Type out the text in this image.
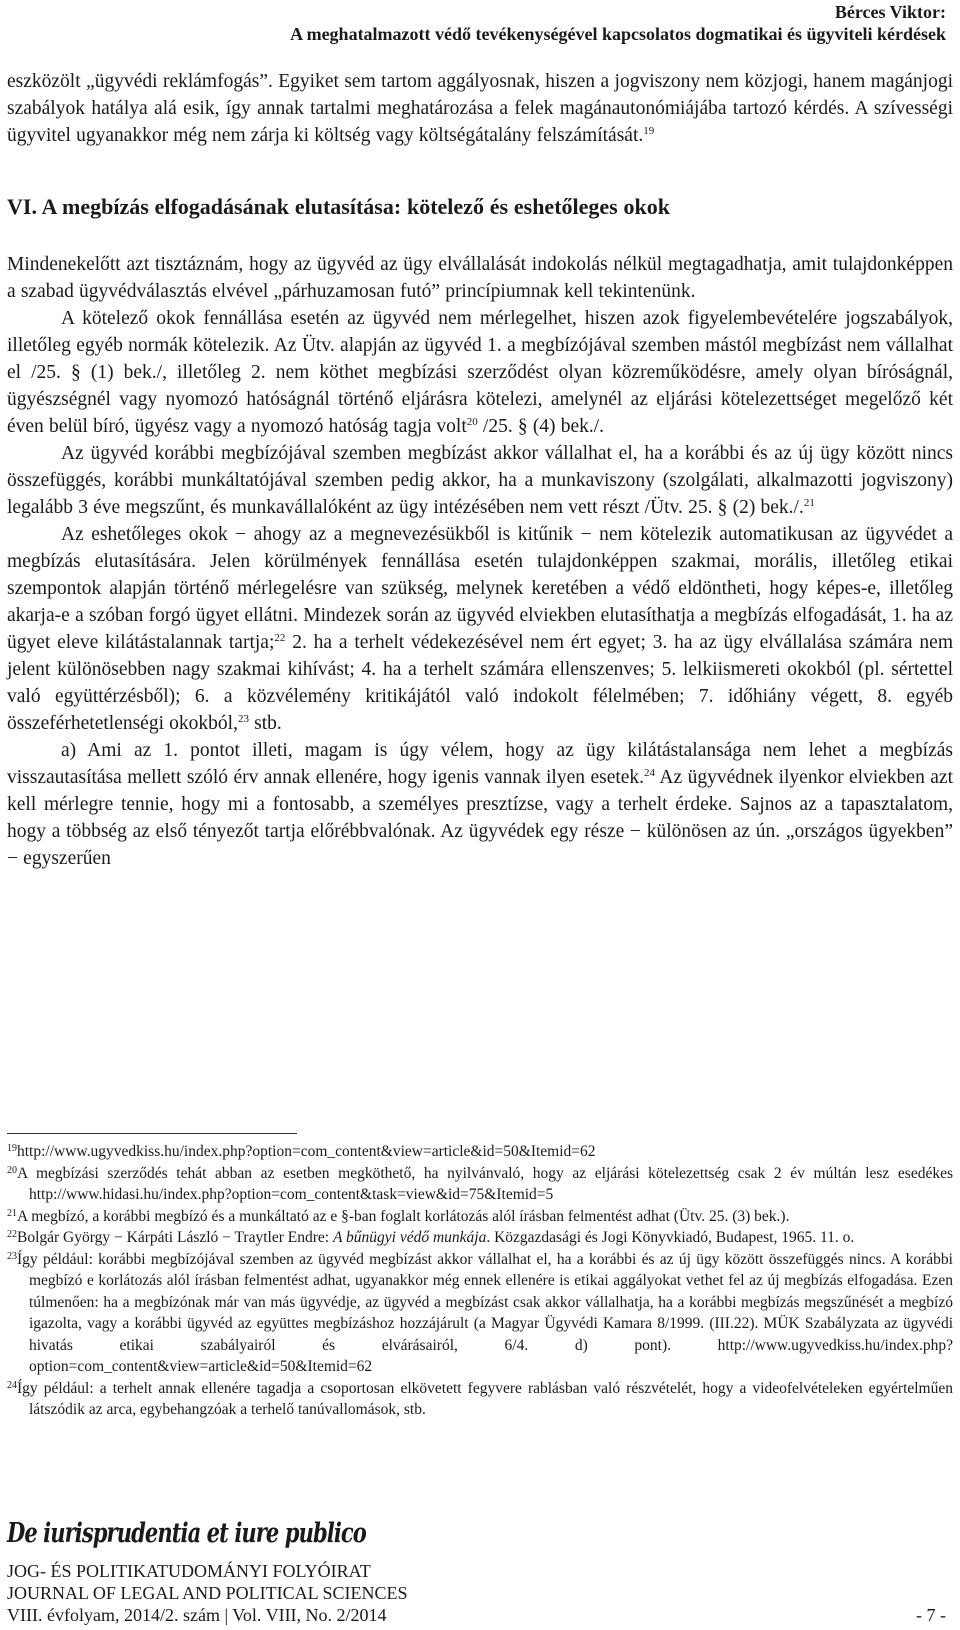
Bérces Viktor:
A meghatalmazott védő tevékenységével kapcsolatos dogmatikai és ügyviteli kérdések

eszközölt „ügyvédi reklámfogás”. Egyiket sem tartom aggályosnak, hiszen a jogviszony nem közjogi, hanem magánjogi szabályok hatálya alá esik, így annak tartalmi meghatározása a felek magánautonómiájába tartozó kérdés. A szívességi ügyvitel ugyanakkor még nem zárja ki költség vagy költségátalány felszámítását.$^{19}$

VI. A megbízás elfogadásának elutasítása: kötelező és eshetőleges okok

Mindenekelőtt azt tisztáznám, hogy az ügyvéd az ügy elvállalását indokolás nélkül megtagadhatja, amit tulajdonképpen a szabad ügyvédválasztás elvével „párhuzamosan futó” princípiumnak kell tekintenünk.

A kötelező okok fennállása esetén az ügyvéd nem mérlegelhet, hiszen azok figyelembevételére jogszabályok, illetőleg egyéb normák kötelezik. Az Ütv. alapján az ügyvéd 1. a megbízójával szemben mástól megbízást nem vállalhat el /25. § (1) bek./, illetőleg 2. nem köthet megbízási szerződést olyan közreműködésre, amely olyan bíróságnál, ügyészségnél vagy nyomozó hatóságnál történő eljárásra kötelezi, amelynél az eljárási kötelezettséget megelőző két éven belül bíró, ügyész vagy a nyomozó hatóság tagja volt$^{20}$ /25. § (4) bek./.

Az ügyvéd korábbi megbízójával szemben megbízást akkor vállalhat el, ha a korábbi és az új ügy között nincs összefüggés, korábbi munkáltatójával szemben pedig akkor, ha a munkaviszony (szolgálati, alkalmazotti jogviszony) legalább 3 éve megszűnt, és munkavállalóként az ügy intézésében nem vett részt /Ütv. 25. § (2) bek./.$^{21}$

Az eshetőleges okok − ahogy az a megnevezésükből is kitűnik − nem kötelezik automatikusan az ügyvédet a megbízás elutasítására. Jelen körülmények fennállása esetén tulajdonképpen szakmai, morális, illetőleg etikai szempontok alapján történő mérlegelésre van szükség, melynek keretében a védő eldöntheti, hogy képes-e, illetőleg akarja-e a szóban forgó ügyet ellátni. Mindezek során az ügyvéd elviekben elutasíthatja a megbízás elfogadását, 1. ha az ügyet eleve kilátástalannak tartja;$^{22}$ 2. ha a terhelt védekezésével nem ért egyet; 3. ha az ügy elvállalása számára nem jelent különösebben nagy szakmai kihívást; 4. ha a terhelt számára ellenszenves; 5. lelkiismereti okokból (pl. sértettel való együttérzésből); 6. a közvélemény kritikájától való indokolt félelmében; 7. időhiány végett, 8. egyéb összeférhetetlenségi okokból,$^{23}$ stb.

a) Ami az 1. pontot illeti, magam is úgy vélem, hogy az ügy kilátástalansága nem lehet a megbízás visszautasítása mellett szóló érv annak ellenére, hogy igenis vannak ilyen esetek.$^{24}$ Az ügyvédnek ilyenkor elviekben azt kell mérlegre tennie, hogy mi a fontosabb, a személyes presztízse, vagy a terhelt érdeke. Sajnos az a tapasztalatom, hogy a többség az első tényezőt tartja előrébbvalónak. Az ügyvédek egy része − különösen az ún. „országos ügyekben” − egyszerűen

$^{19}$http://www.ugyvedkiss.hu/index.php?option=com_content&view=article&id=50&Itemid=62

$^{20}$A megbízási szerződés tehát abban az esetben megköthető, ha nyilvánvaló, hogy az eljárási kötelezettség csak 2 év múltán lesz esedékes http://www.hidasi.hu/index.php?option=com_content&task=view&id=75&Itemid=5

$^{21}$A megbízó, a korábbi megbízó és a munkáltató az e §-ban foglalt korlátozás alól írásban felmentést adhat (Ütv. 25. (3) bek.).

$^{22}$Bolgár György − Kárpáti László − Traytler Endre: A bűnügyi védő munkája. Közgazdasági és Jogi Könyvkiadó, Budapest, 1965. 11. o.

$^{23}$Így például: korábbi megbízójával szemben az ügyvéd megbízást akkor vállalhat el, ha a korábbi és az új ügy között összefüggés nincs. A korábbi megbízó e korlátozás alól írásban felmentést adhat, ugyanakkor még ennek ellenére is etikai aggályokat vethet fel az új megbízás elfogadása. Ezen túlmenően: ha a megbízónak már van más ügyvédje, az ügyvéd a megbízást csak akkor vállalhatja, ha a korábbi megbízás megszűnését a megbízó igazolta, vagy a korábbi ügyvéd az együttes megbízáshoz hozzájárult (a Magyar Ügyvédi Kamara 8/1999. (III.22). MÜK Szabályzata az ügyvédi hivatás etikai szabályairól és elvárásairól, 6/4. d) pont). http://www.ugyvedkiss.hu/index.php?option=com_content&view=article&id=50&Itemid=62

$^{24}$Így például: a terhelt annak ellenére tagadja a csoportosan elkövetett fegyvere rablásban való részvételét, hogy a videofelvételeken egyértelműen látszódik az arca, egybehangzóak a terhelő tanúvallomások, stb.

De iurisprudentia et iure publico
JOG- ÉS POLITIKATUDOMÁNYI FOLYÓIRAT
JOURNAL OF LEGAL AND POLITICAL SCIENCES
VIII. évfolyam, 2014/2. szám | Vol. VIII, No. 2/2014	- 7 -
